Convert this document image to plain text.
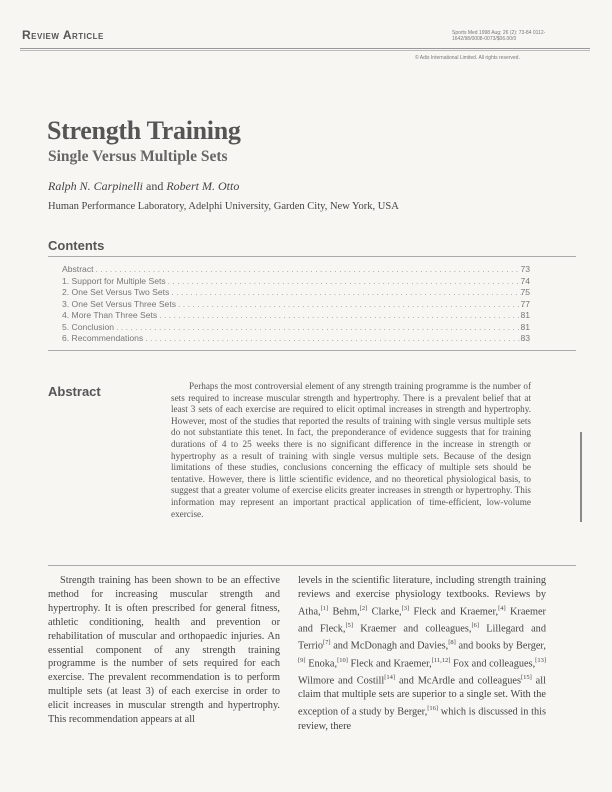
Review Article	Sports Med 1998 Aug; 26 (2): 73-84 0112-1642/98/0008-0073/$06.00/0
© Adis International Limited. All rights reserved.
Strength Training
Single Versus Multiple Sets
Ralph N. Carpinelli and Robert M. Otto
Human Performance Laboratory, Adelphi University, Garden City, New York, USA
Contents
Abstract
. . .
1. Support for Multiple Sets
. . .
2. One Set Versus Two Sets
. . .
3. One Set Versus Three Sets
. . .
4. More Than Three Sets
. . .
5. Conclusion
. . .
6. Recommendations
. . .
73
74
75
77
81
81
83
Abstract	Perhaps the most controversial element of any strength training programme is the number of sets required to increase muscular strength and hypertrophy. There is a prevalent belief that at least 3 sets of each exercise are required to elicit optimal increases in strength and hypertrophy. However, most of the studies that reported the results of training with single versus multiple sets do not substantiate this tenet. In fact, the preponderance of evidence suggests that for training durations of 4 to 25 weeks there is no significant difference in the increase in strength or hypertrophy as a result of training with single versus multiple sets. Because of the design limitations of these studies, conclusions concerning the efficacy of multiple sets should be tentative. However, there is little scientific evidence, and no theoretical physiological basis, to suggest that a greater volume of exercise elicits greater increases in strength or hypertrophy. This information may represent an important practical application of time-efficient, low-volume exercise.
Strength training has been shown to be an effective method for increasing muscular strength and hypertrophy. It is often prescribed for general fitness, athletic conditioning, health and prevention or rehabilitation of muscular and orthopaedic injuries. An essential component of any strength training programme is the number of sets required for each exercise. The prevalent recommendation is to perform multiple sets (at least 3) of each exercise in order to elicit increases in muscular strength and hypertrophy. This recommendation appears at all
levels in the scientific literature, including strength training reviews and exercise physiology textbooks. Reviews by Atha,[1] Behm,[2] Clarke,[3] Fleck and Kraemer,[4] Kraemer and Fleck,[5] Kraemer and colleagues,[6] Lillegard and Terrio[7] and McDonagh and Davies,[8] and books by Berger,[9] Enoka,[10] Fleck and Kraemer,[11,12] Fox and colleagues,[13] Wilmore and Costill[14] and McArdle and colleagues[15] all claim that multiple sets are superior to a single set. With the exception of a study by Berger,[16] which is discussed in this review, there
